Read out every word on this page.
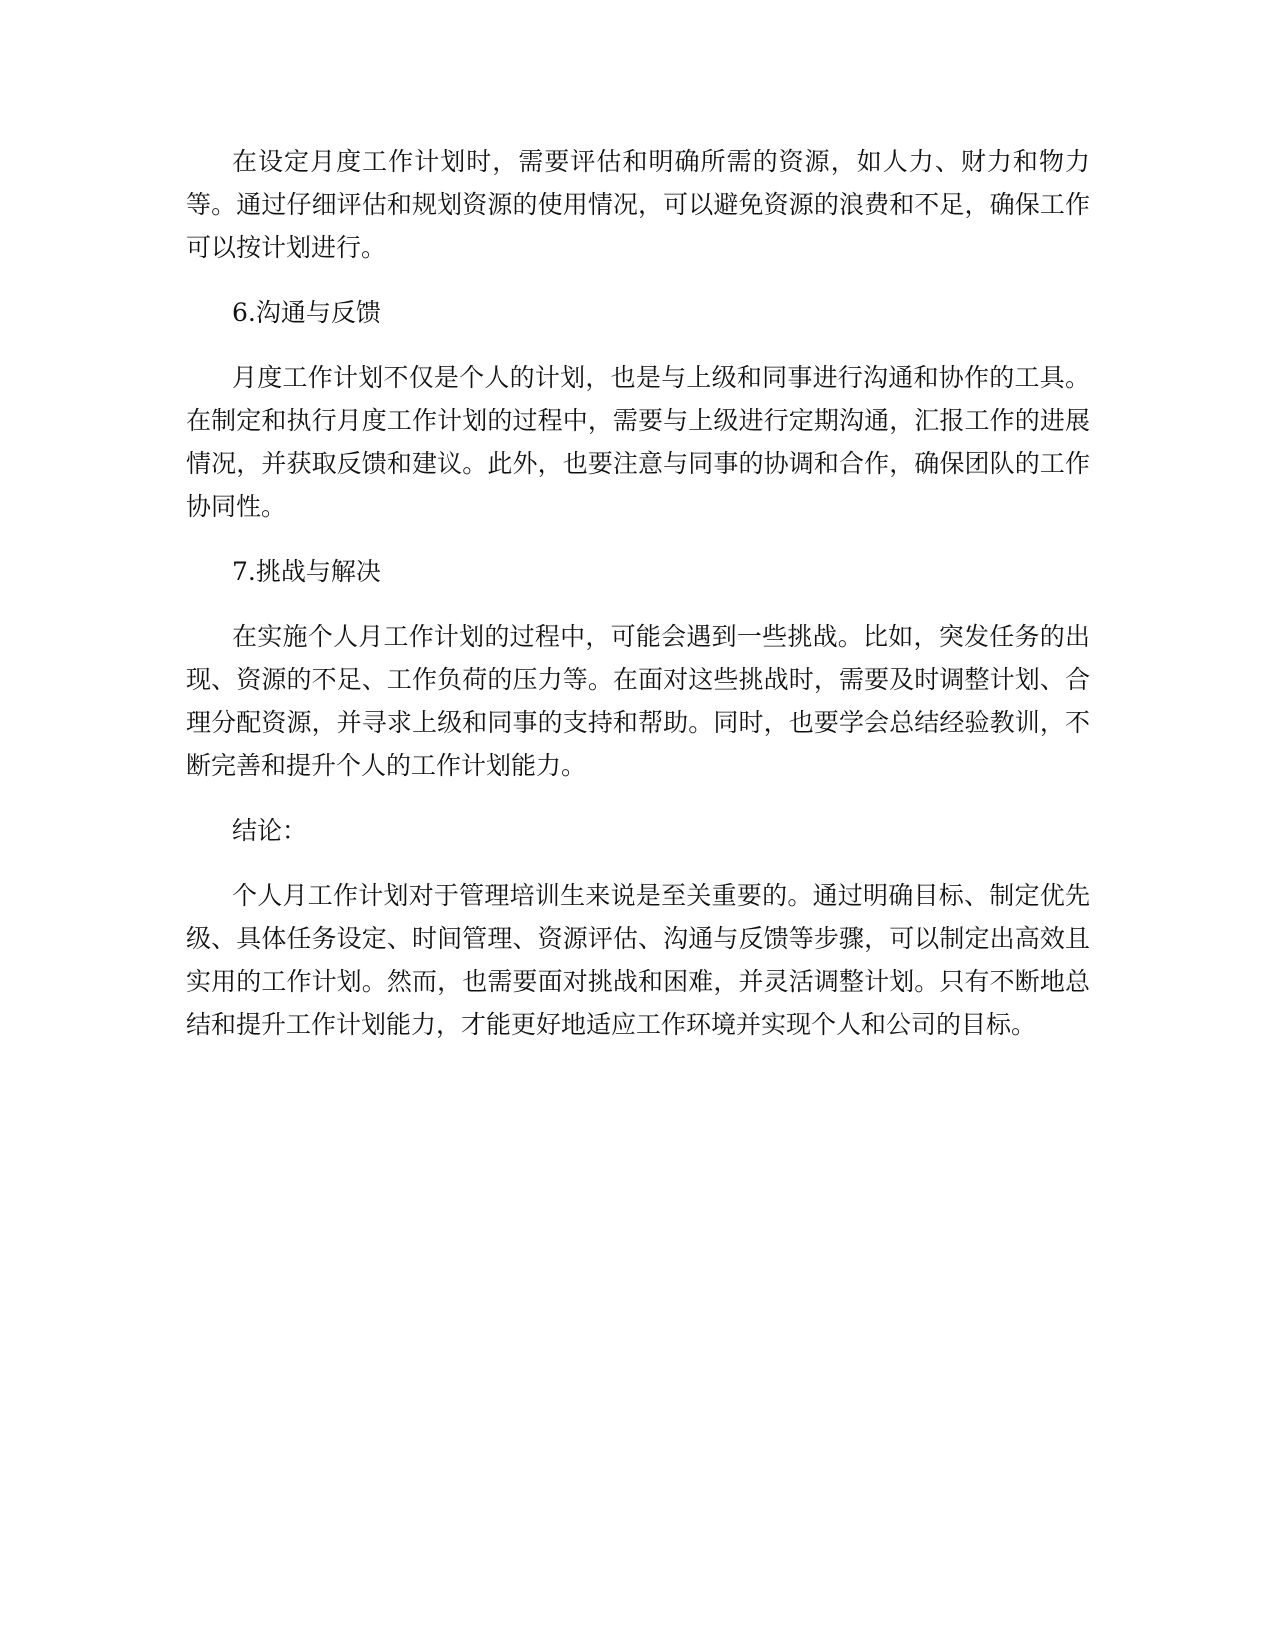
在设定月度工作计划时，需要评估和明确所需的资源，如人力、财力和物力等。通过仔细评估和规划资源的使用情况，可以避免资源的浪费和不足，确保工作可以按计划进行。

6.沟通与反馈

月度工作计划不仅是个人的计划，也是与上级和同事进行沟通和协作的工具。在制定和执行月度工作计划的过程中，需要与上级进行定期沟通，汇报工作的进展情况，并获取反馈和建议。此外，也要注意与同事的协调和合作，确保团队的工作协同性。

7.挑战与解决

在实施个人月工作计划的过程中，可能会遇到一些挑战。比如，突发任务的出现、资源的不足、工作负荷的压力等。在面对这些挑战时，需要及时调整计划、合理分配资源，并寻求上级和同事的支持和帮助。同时，也要学会总结经验教训，不断完善和提升个人的工作计划能力。

结论：

个人月工作计划对于管理培训生来说是至关重要的。通过明确目标、制定优先级、具体任务设定、时间管理、资源评估、沟通与反馈等步骤，可以制定出高效且实用的工作计划。然而，也需要面对挑战和困难，并灵活调整计划。只有不断地总结和提升工作计划能力，才能更好地适应工作环境并实现个人和公司的目标。
